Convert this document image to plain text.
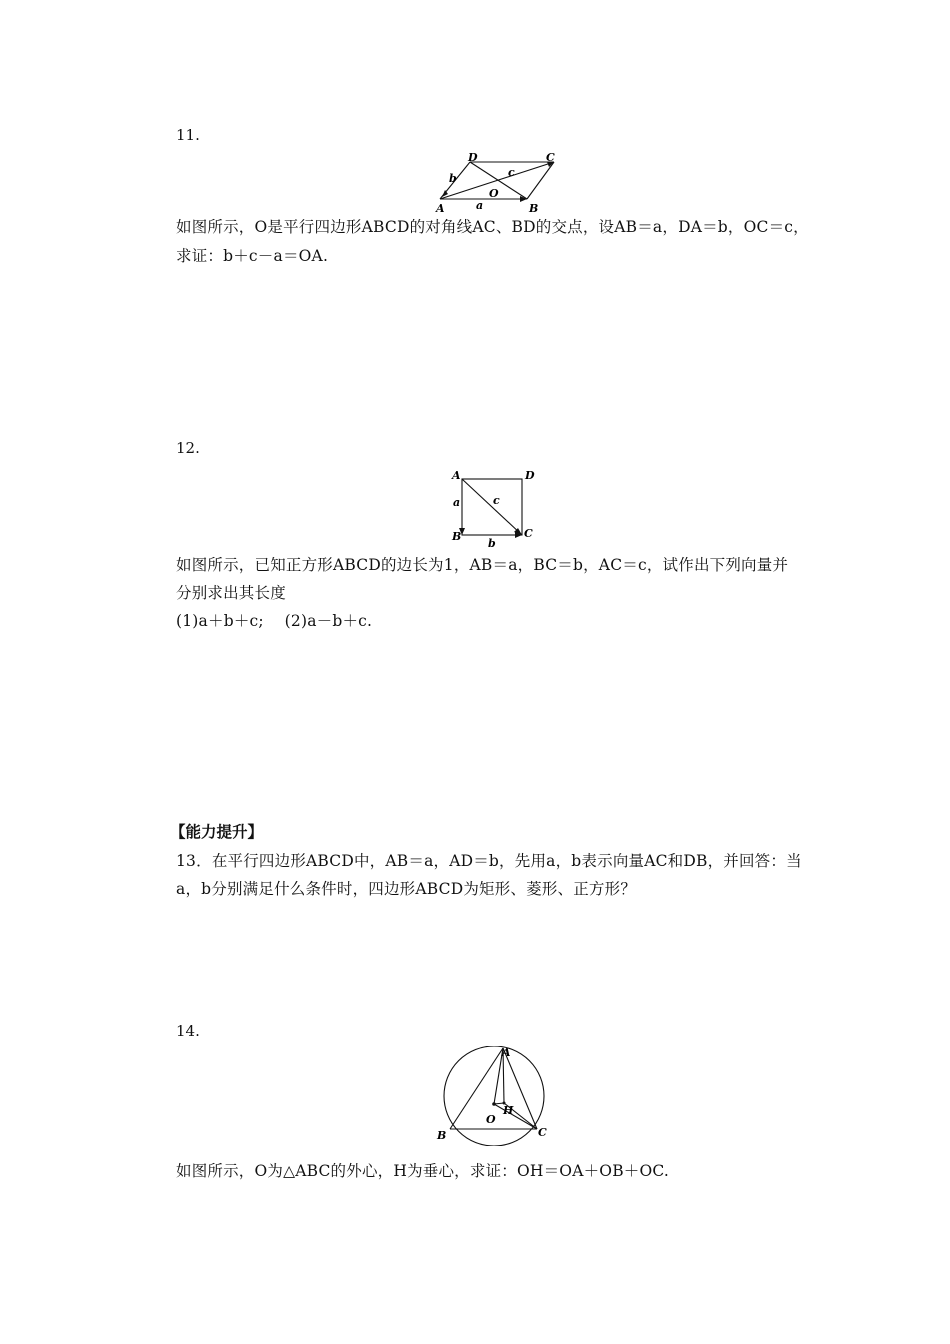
11.
A	B
C
D
O
a
b	c
如图所示，O是平行四边形ABCD的对角线AC、BD的交点，设AB＝a，DA＝b，OC＝c，
求证：b＋c－a＝OA.
12.
A	D
B	C
a
b
c
如图所示，已知正方形ABCD的边长为1，AB＝a，BC＝b，AC＝c，试作出下列向量并
分别求出其长度
(1)a＋b＋c;　 (2)a－b＋c.
【能力提升】
13．在平行四边形ABCD中，AB＝a，AD＝b，先用a，b表示向量AC和DB，并回答：当
a，b分别满足什么条件时，四边形ABCD为矩形、菱形、正方形？
14.
A
B	C
O
H
如图所示，O为△ABC的外心，H为垂心，求证：OH＝OA＋OB＋OC.
